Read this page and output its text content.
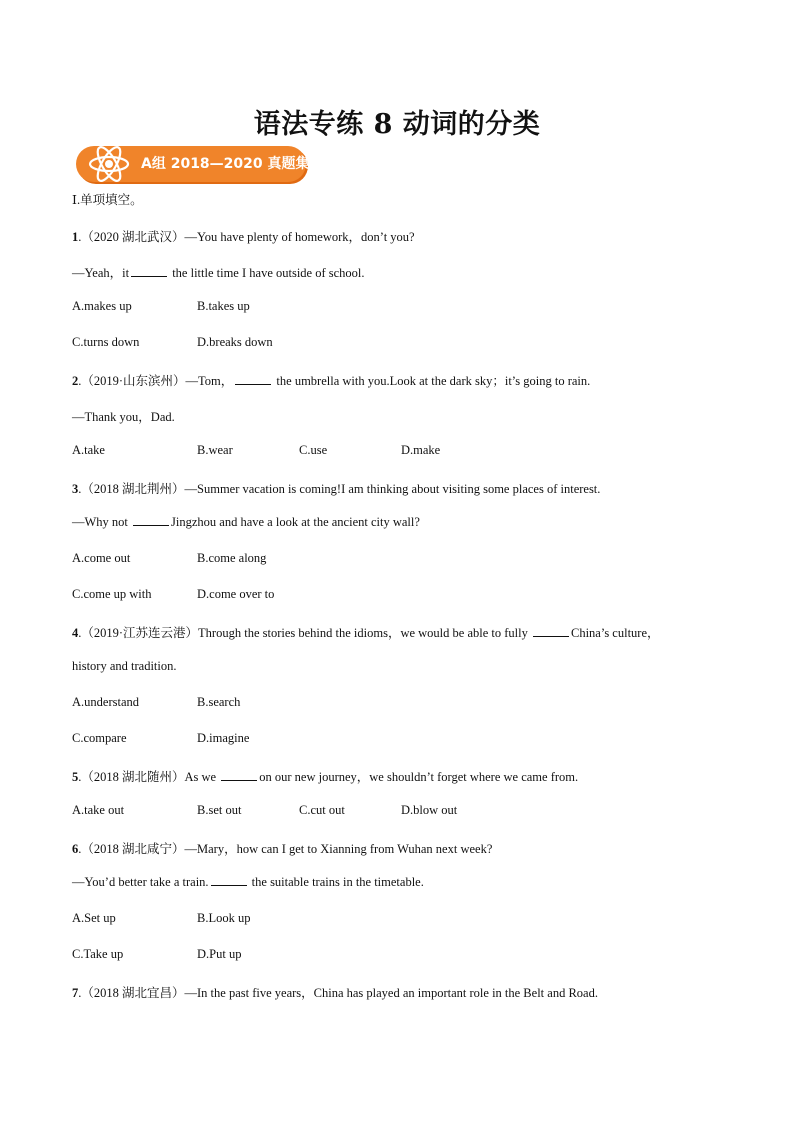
语法专练 8 动词的分类
A组 2018—2020 真题集训
Ⅰ.单项填空。
1.（2020 湖北武汉）—You have plenty of homework，don’t you?
—Yeah，it	the little time I have outside of school.
A.makes up	B.takes up
C.turns down	D.breaks down
2.（2019·山东滨州）—Tom，	the umbrella with you.Look at the dark sky；it’s going to rain.
—Thank you，Dad.
A.take	B.wear	C.use	D.make
3.（2018 湖北荆州）—Summer vacation is coming!I am thinking about visiting some places of interest.
—Why not	Jingzhou and have a look at the ancient city wall?
A.come out	B.come along
C.come up with	D.come over to
4.（2019·江苏连云港）Through the stories behind the idioms，we would be able to fully	China’s culture，
history and tradition.
A.understand	B.search
C.compare	D.imagine
5.（2018 湖北随州）As we	on our new journey，we shouldn’t forget where we came from.
A.take out	B.set out	C.cut out	D.blow out
6.（2018 湖北咸宁）—Mary，how can I get to Xianning from Wuhan next week?
—You’d better take a train.	the suitable trains in the timetable.
A.Set up	B.Look up
C.Take up	D.Put up
7.（2018 湖北宜昌）—In the past five years，China has played an important role in the Belt and Road.
